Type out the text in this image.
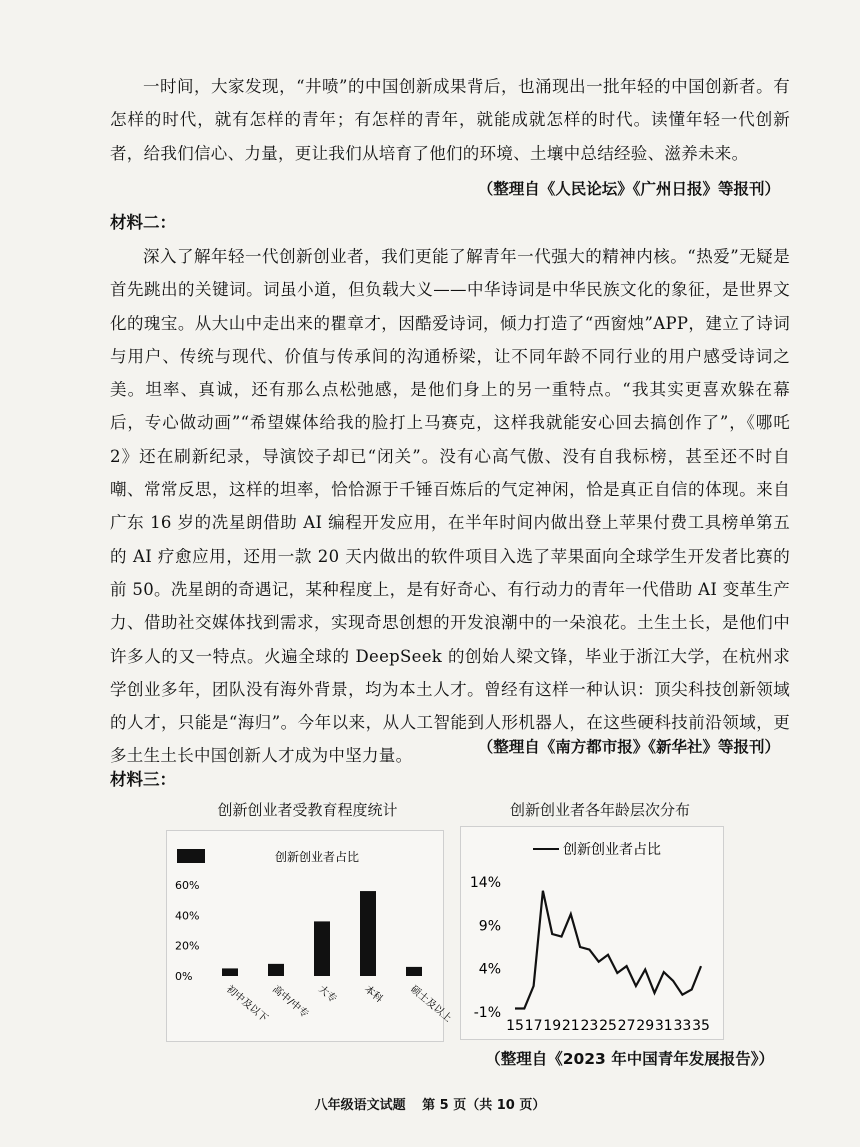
一时间，大家发现，“井喷”的中国创新成果背后，也涌现出一批年轻的中国创新者。有怎样的时代，就有怎样的青年；有怎样的青年，就能成就怎样的时代。读懂年轻一代创新者，给我们信心、力量，更让我们从培育了他们的环境、土壤中总结经验、滋养未来。

（整理自《人民论坛》《广州日报》等报刊）
材料二：

深入了解年轻一代创新创业者，我们更能了解青年一代强大的精神内核。“热爱”无疑是首先跳出的关键词。词虽小道，但负载大义——中华诗词是中华民族文化的象征，是世界文化的瑰宝。从大山中走出来的瞿章才，因酷爱诗词，倾力打造了“西窗烛”APP，建立了诗词与用户、传统与现代、价值与传承间的沟通桥梁，让不同年龄不同行业的用户感受诗词之美。坦率、真诚，还有那么点松弛感，是他们身上的另一重特点。“我其实更喜欢躲在幕后，专心做动画”“希望媒体给我的脸打上马赛克，这样我就能安心回去搞创作了”，《哪吒 2》还在刷新纪录，导演饺子却已“闭关”。没有心高气傲、没有自我标榜，甚至还不时自嘲、常常反思，这样的坦率，恰恰源于千锤百炼后的气定神闲，恰是真正自信的体现。来自广东 16 岁的冼星朗借助 AI 编程开发应用，在半年时间内做出登上苹果付费工具榜单第五的 AI 疗愈应用，还用一款 20 天内做出的软件项目入选了苹果面向全球学生开发者比赛的前 50。冼星朗的奇遇记，某种程度上，是有好奇心、有行动力的青年一代借助 AI 变革生产力、借助社交媒体找到需求，实现奇思创想的开发浪潮中的一朵浪花。土生土长，是他们中许多人的又一特点。火遍全球的 DeepSeek 的创始人梁文锋，毕业于浙江大学，在杭州求学创业多年，团队没有海外背景，均为本土人才。曾经有这样一种认识：顶尖科技创新领域的人才，只能是“海归”。今年以来，从人工智能到人形机器人，在这些硬科技前沿领域，更多土生土长中国创新人才成为中坚力量。	（整理自《南方都市报》《新华社》等报刊）
材料三：
创新创业者受教育程度统计
创新创业者占比
60%
40%
20%
0%
初中及以下 高中/中专 大专 本科 硕士及以上
创新创业者各年龄层次分布
创新创业者占比
14%
9%
4%
-1%
15 17 19 21 23 25 27 29 31 33 35
（整理自《2023 年中国青年发展报告》）
八年级语文试题 第 5 页（共 10 页）
